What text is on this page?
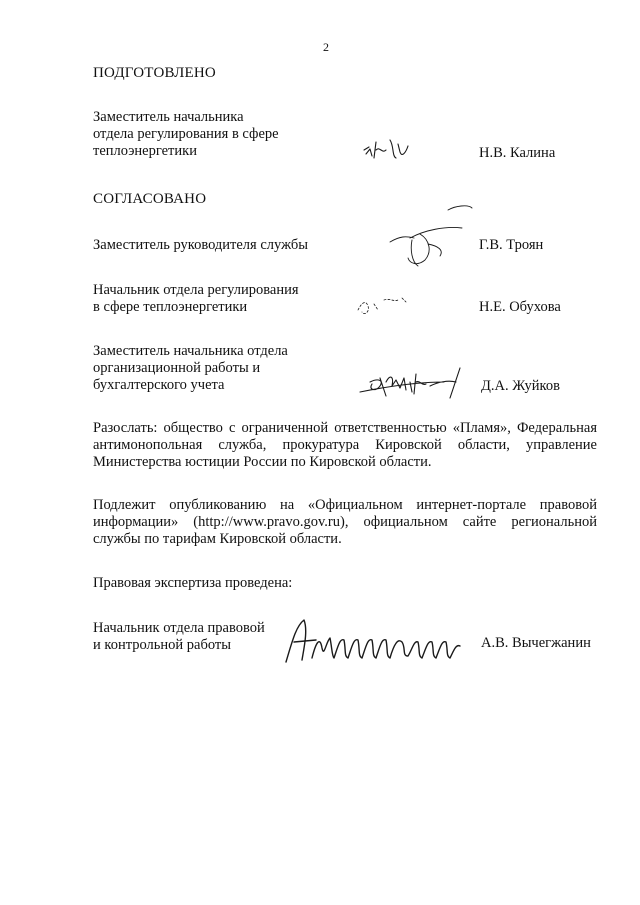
2
ПОДГОТОВЛЕНО
Заместитель начальника
отдела регулирования в сфере
теплоэнергетики	Н.В. Калина
СОГЛАСОВАНО
Заместитель руководителя службы	Г.В. Троян
Начальник отдела регулирования
в сфере теплоэнергетики	Н.Е. Обухова
Заместитель начальника отдела
организационной работы и
бухгалтерского учета	Д.А. Жуйков
Разослать: общество с ограниченной ответственностью «Пламя», Федеральная антимонопольная служба, прокуратура Кировской области, управление Министерства юстиции России по Кировской области.
Подлежит опубликованию на «Официальном интернет-портале правовой информации» (http://www.pravo.gov.ru), официальном сайте региональной службы по тарифам Кировской области.
Правовая экспертиза проведена:
Начальник отдела правовой
и контрольной работы	А.В. Вычегжанин
